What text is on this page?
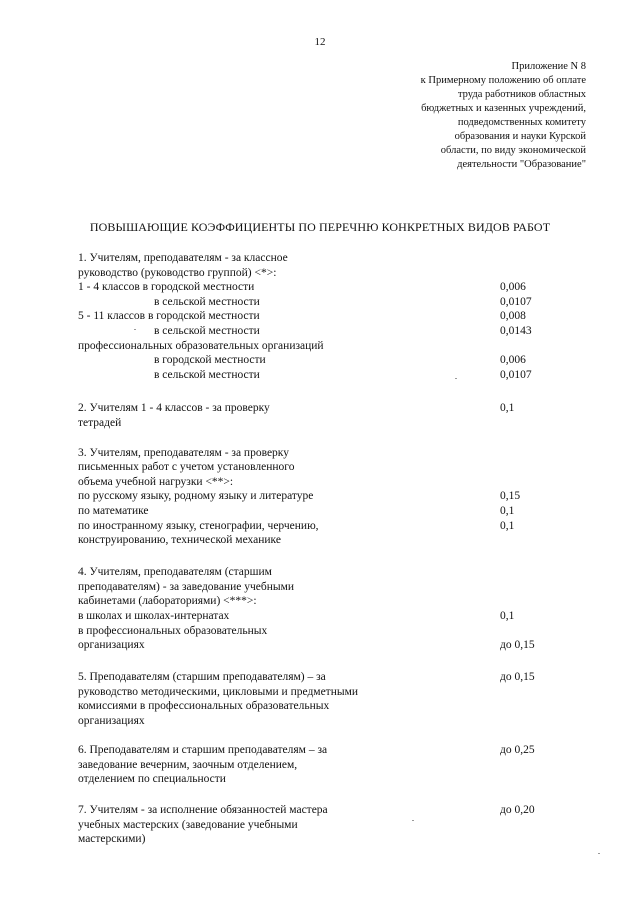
12
Приложение N 8
к Примерному положению об оплате
труда работников областных
бюджетных и казенных учреждений,
подведомственных комитету
образования и науки Курской
области, по виду экономической
деятельности "Образование"
ПОВЫШАЮЩИЕ КОЭФФИЦИЕНТЫ ПО ПЕРЕЧНЮ КОНКРЕТНЫХ ВИДОВ РАБОТ
1. Учителям, преподавателям - за классное
руководство (руководство группой) <*>:
1 - 4 классов в городской местности
в сельской местности
5 - 11 классов в городской местности
в сельской местности
профессиональных образовательных организаций
в городской местности
в сельской местности
0,006
0,0107
0,008
0,0143
0,006
0,0107
2. Учителям 1 - 4 классов - за проверку
тетрадей
0,1
3. Учителям, преподавателям - за проверку
письменных работ с учетом установленного
объема учебной нагрузки <**>:
по русскому языку, родному языку и литературе
по математике
по иностранному языку, стенографии, черчению,
конструированию, технической механике
0,15
0,1
0,1
4. Учителям, преподавателям (старшим
преподавателям) - за заведование учебными
кабинетами (лабораториями) <***>:
в школах и школах-интернатах
в профессиональных образовательных
организациях
0,1
до 0,15
5. Преподавателям (старшим преподавателям) – за
руководство методическими, цикловыми и предметными
комиссиями в профессиональных образовательных
организациях
до 0,15
6. Преподавателям и старшим преподавателям – за
заведование вечерним, заочным отделением,
отделением по специальности
до 0,25
7. Учителям - за исполнение обязанностей мастера
учебных мастерских (заведование учебными
мастерскими)
до 0,20
